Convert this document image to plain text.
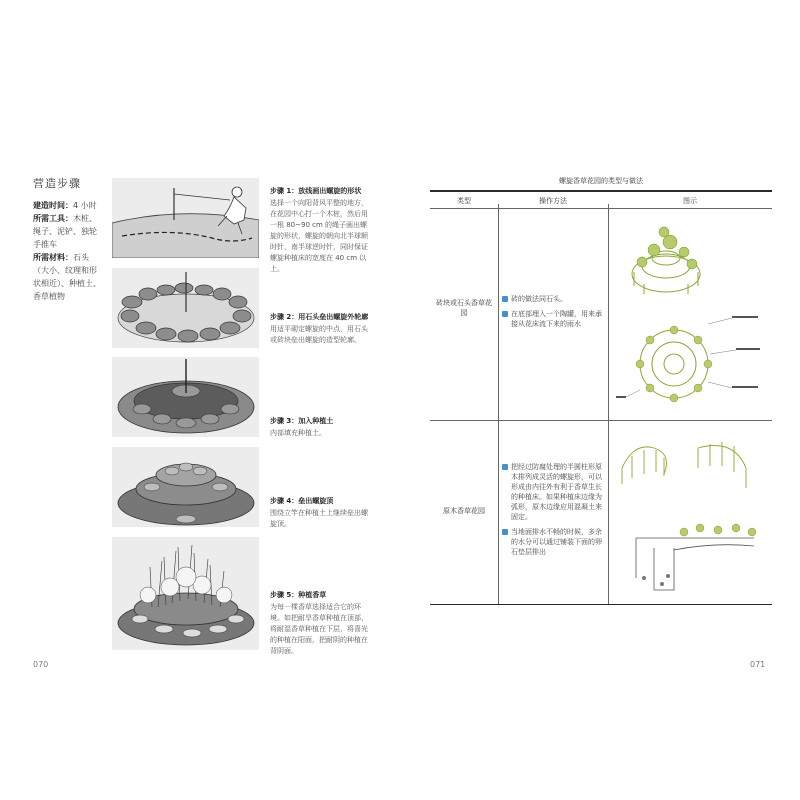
营造步骤

建造时间：4 小时

所需工具：木桩、绳子、泥铲、独轮手推车

所需材料：石头（大小、纹理和形状相近）、种植土、香草植物

步骤 1：放线画出螺旋的形状
选择一个向阳背风平整的地方，在花园中心打一个木桩，然后用一根 80~90 cm 的绳子画出螺旋的形状，螺旋的朝向北半球顺时针，南半球逆时针，同时保证螺旋种植床的宽度在 40 cm 以上。
步骤 2：用石头垒出螺旋外轮廓
用适平砌定螺旋的中点，用石头或砖块垒出螺旋的造型轮廓。
步骤 3：加入种植土
内部填充种植土。
步骤 4：垒出螺旋顶
围绕立竿在种植土上继续垒出螺旋顶。
步骤 5：种植香草
为每一棵香草选择适合它的环境。如把耐旱香草种植在顶部，将耐湿香草种植在下层，将喜光的种植在阳面，把耐阴的种植在背阴面。
070
螺旋香草花园的类型与做法
类型	操作方法	图示
砖块或石头香草花园
砖的做法同石头。
在底部埋入一个陶罐，用来承接从花床流下来的雨水
原木香草花园
把经过防腐处理的半圆柱形原木排列成灵活的螺旋形，可以形成由内往外有利于香草生长的种植床。如果种植床边缘为弧形，原木边缘应用混凝土来固定。
当地面排水不畅的时候，多余的水分可以通过铺装下面的卵石垫层排出
071
